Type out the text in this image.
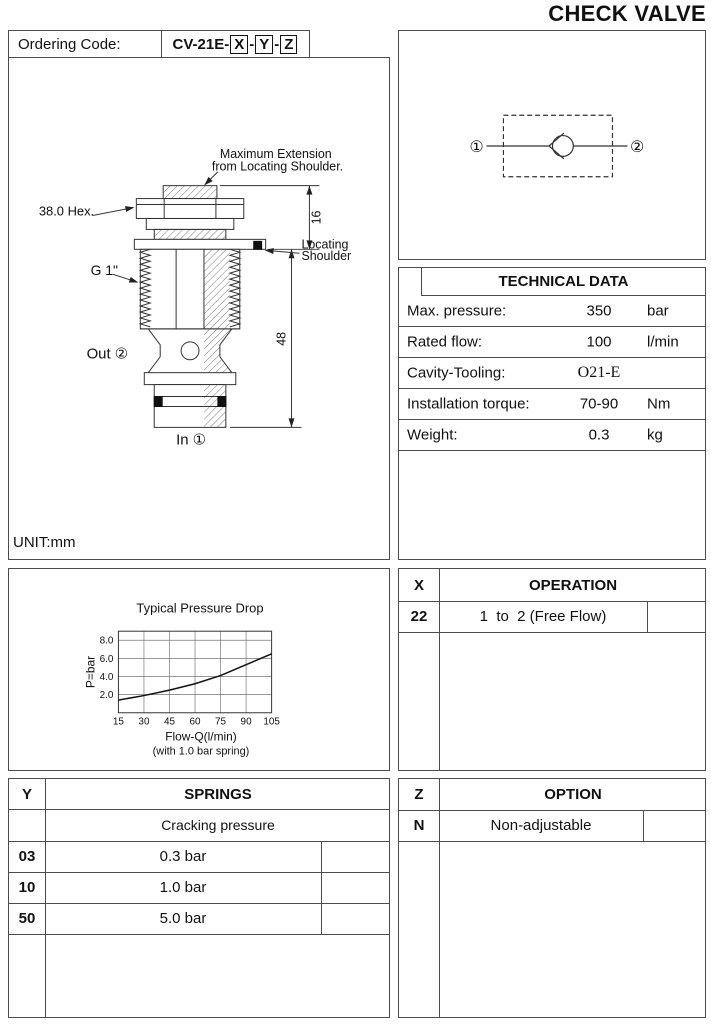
CHECK VALVE
Ordering Code:	CV-21E- X - Y - Z
Maximum Extension
from Locating Shoulder.
38.0 Hex.
Locating
Shoulder
G 1"
Out ②
In ①
16
48
UNIT:mm
①	②
TECHNICAL DATA
Max. pressure:	350	bar
Rated flow:	100	l/min
Cavity-Tooling:	O21-E
Installation torque:	70-90	Nm
Weight:	0.3	kg
Typical Pressure Drop
P=bar
15 30 45 60 75 90 105
2.0
4.0
6.0
8.0
Flow-Q(l/min)
(with 1.0 bar spring)
X	OPERATION
22	1  to  2 (Free Flow)
Y	SPRINGS
Cracking pressure
03	0.3 bar
10	1.0 bar
50	5.0 bar
Z	OPTION
N	Non-adjustable
